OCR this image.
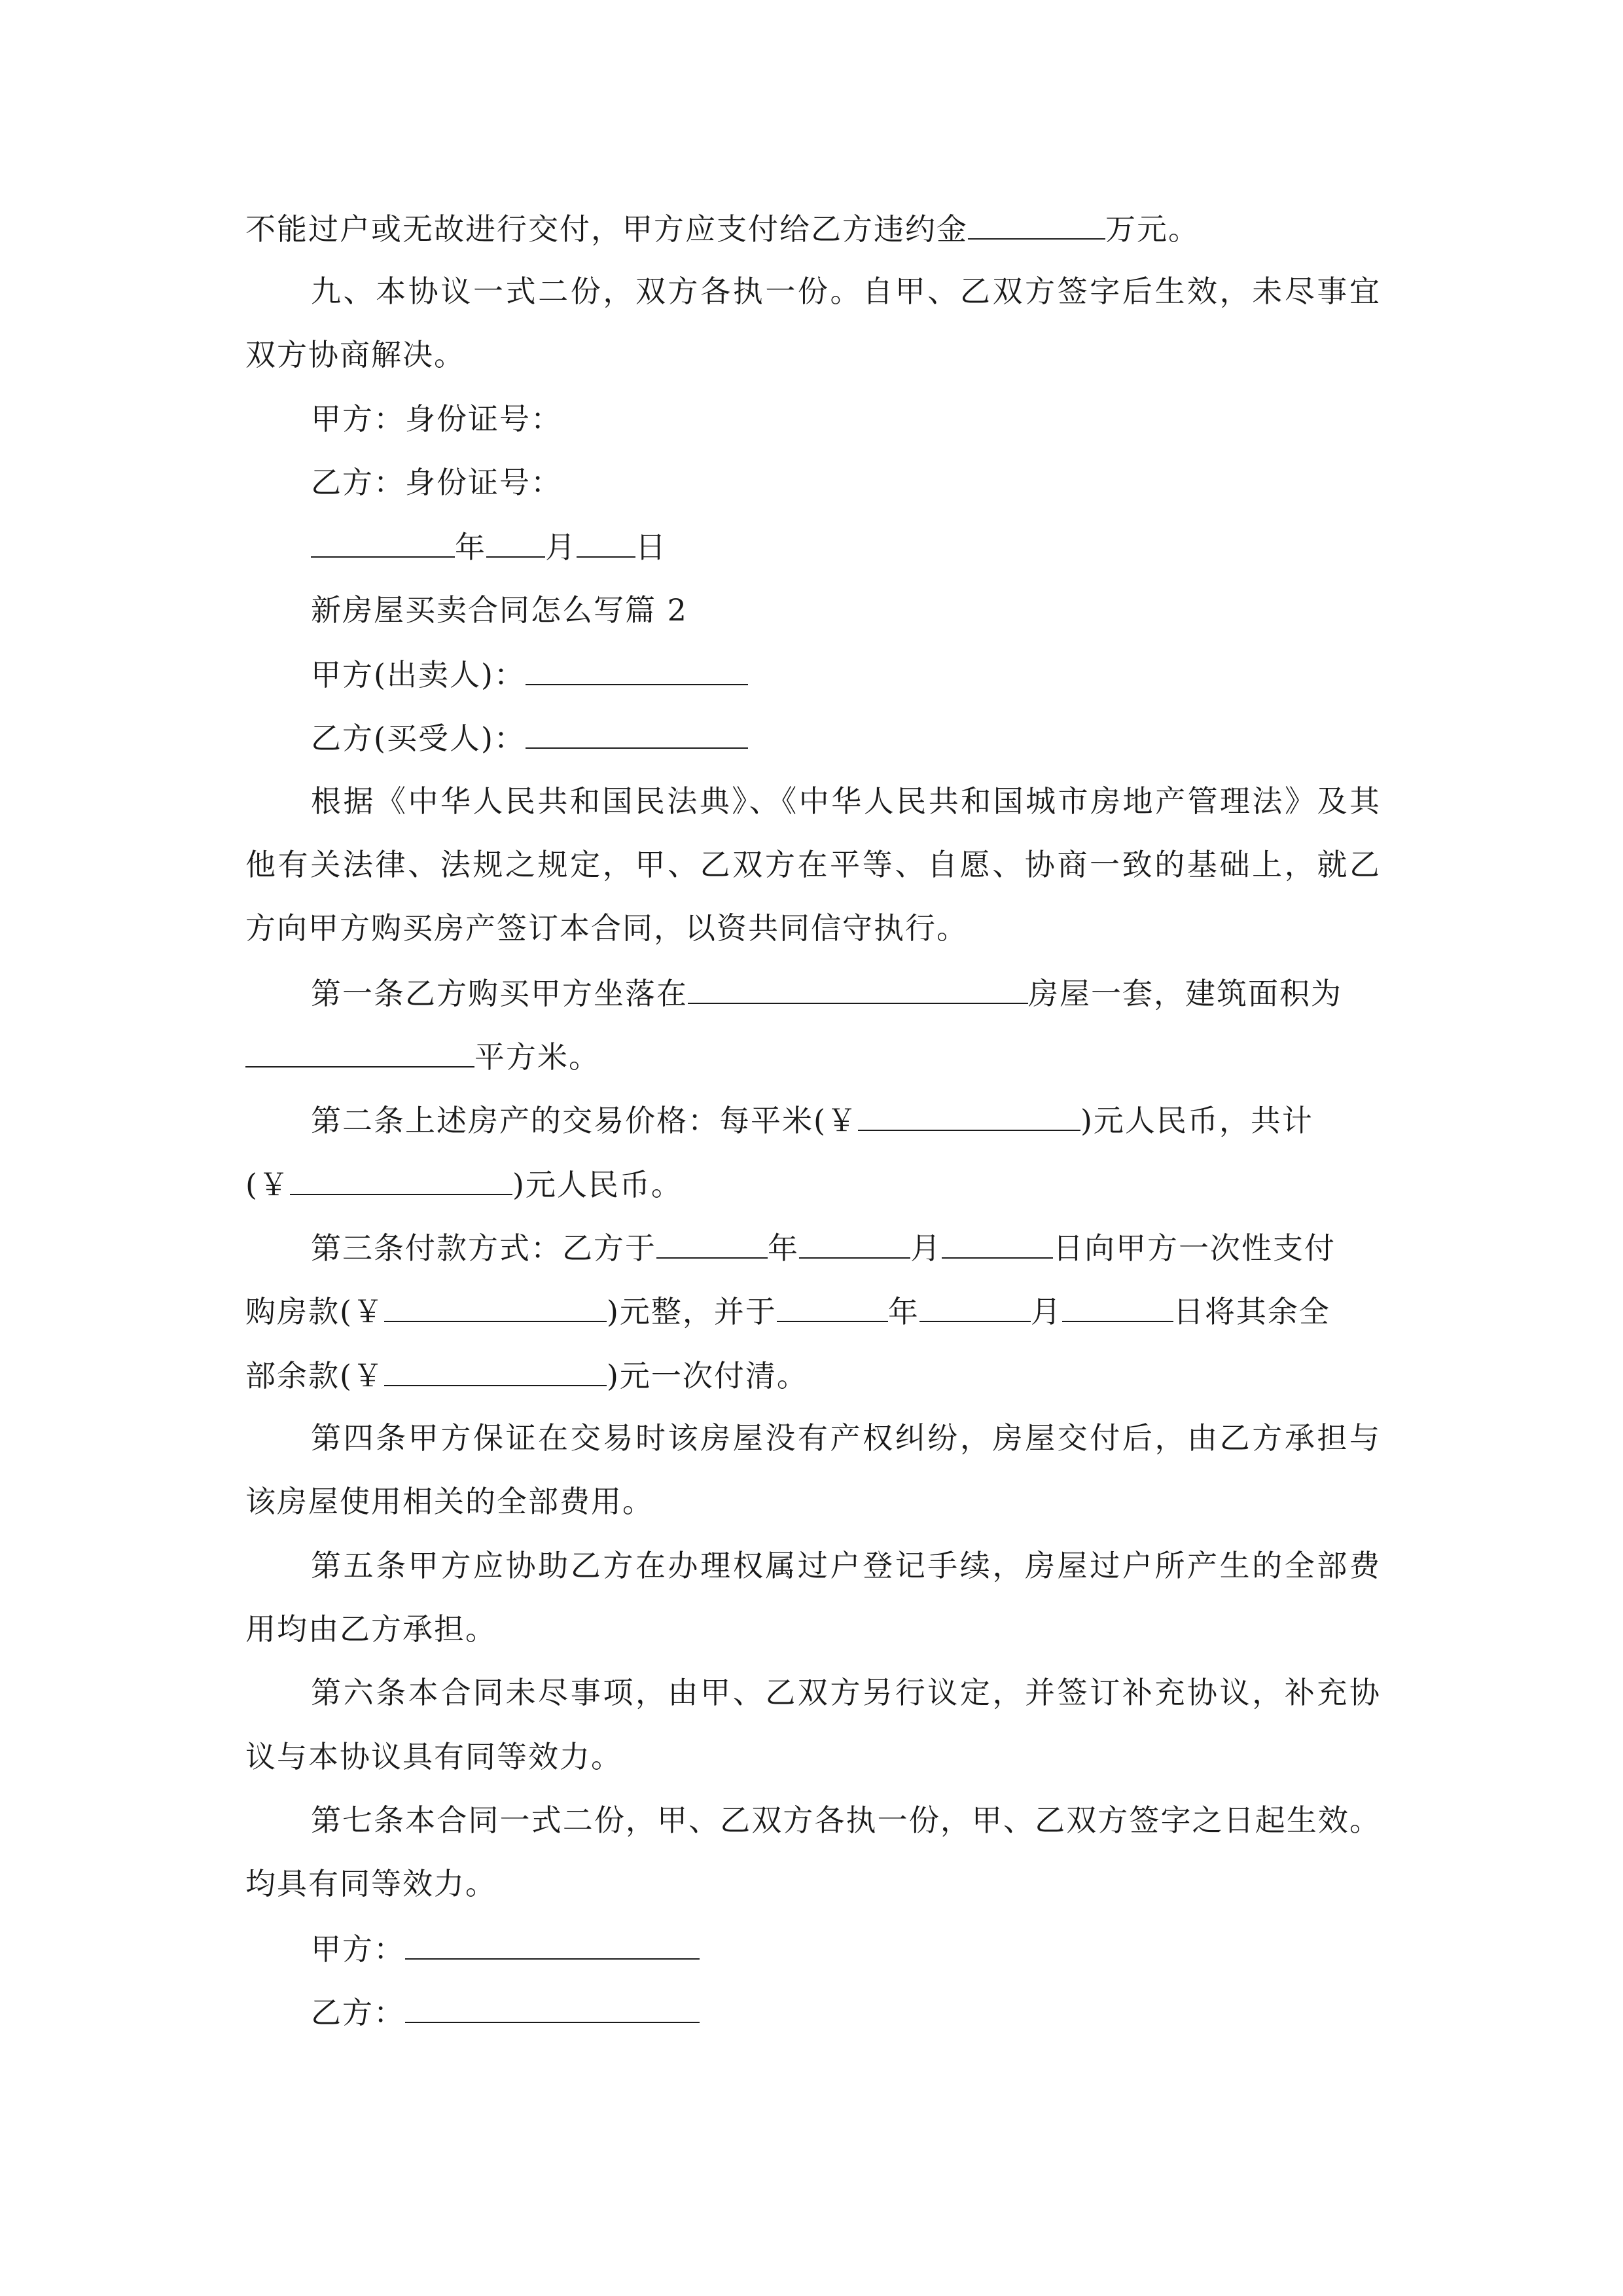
不能过户或无故进行交付，甲方应支付给乙方违约金	万元。
九、本协议一式二份，双方各执一份。自甲、乙双方签字后生效，未尽事宜
双方协商解决。
甲方：身份证号：
乙方：身份证号：
年 月 日
新房屋买卖合同怎么写篇 2
甲方(出卖人)：
乙方(买受人)：
根据《中华人民共和国民法典》、《中华人民共和国城市房地产管理法》及其
他有关法律、法规之规定，甲、乙双方在平等、自愿、协商一致的基础上，就乙
方向甲方购买房产签订本合同，以资共同信守执行。
第一条乙方购买甲方坐落在	房屋一套，建筑面积为
平方米。
第二条上述房产的交易价格：每平米(￥	)元人民币，共计
(￥	)元人民币。
第三条付款方式：乙方于	年	月	日向甲方一次性支付
购房款(￥	)元整，并于	年	月	日将其余全
部余款(￥	)元一次付清。
第四条甲方保证在交易时该房屋没有产权纠纷，房屋交付后，由乙方承担与
该房屋使用相关的全部费用。
第五条甲方应协助乙方在办理权属过户登记手续，房屋过户所产生的全部费
用均由乙方承担。
第六条本合同未尽事项，由甲、乙双方另行议定，并签订补充协议，补充协
议与本协议具有同等效力。
第七条本合同一式二份，甲、乙双方各执一份，甲、乙双方签字之日起生效。
均具有同等效力。
甲方：
乙方：
